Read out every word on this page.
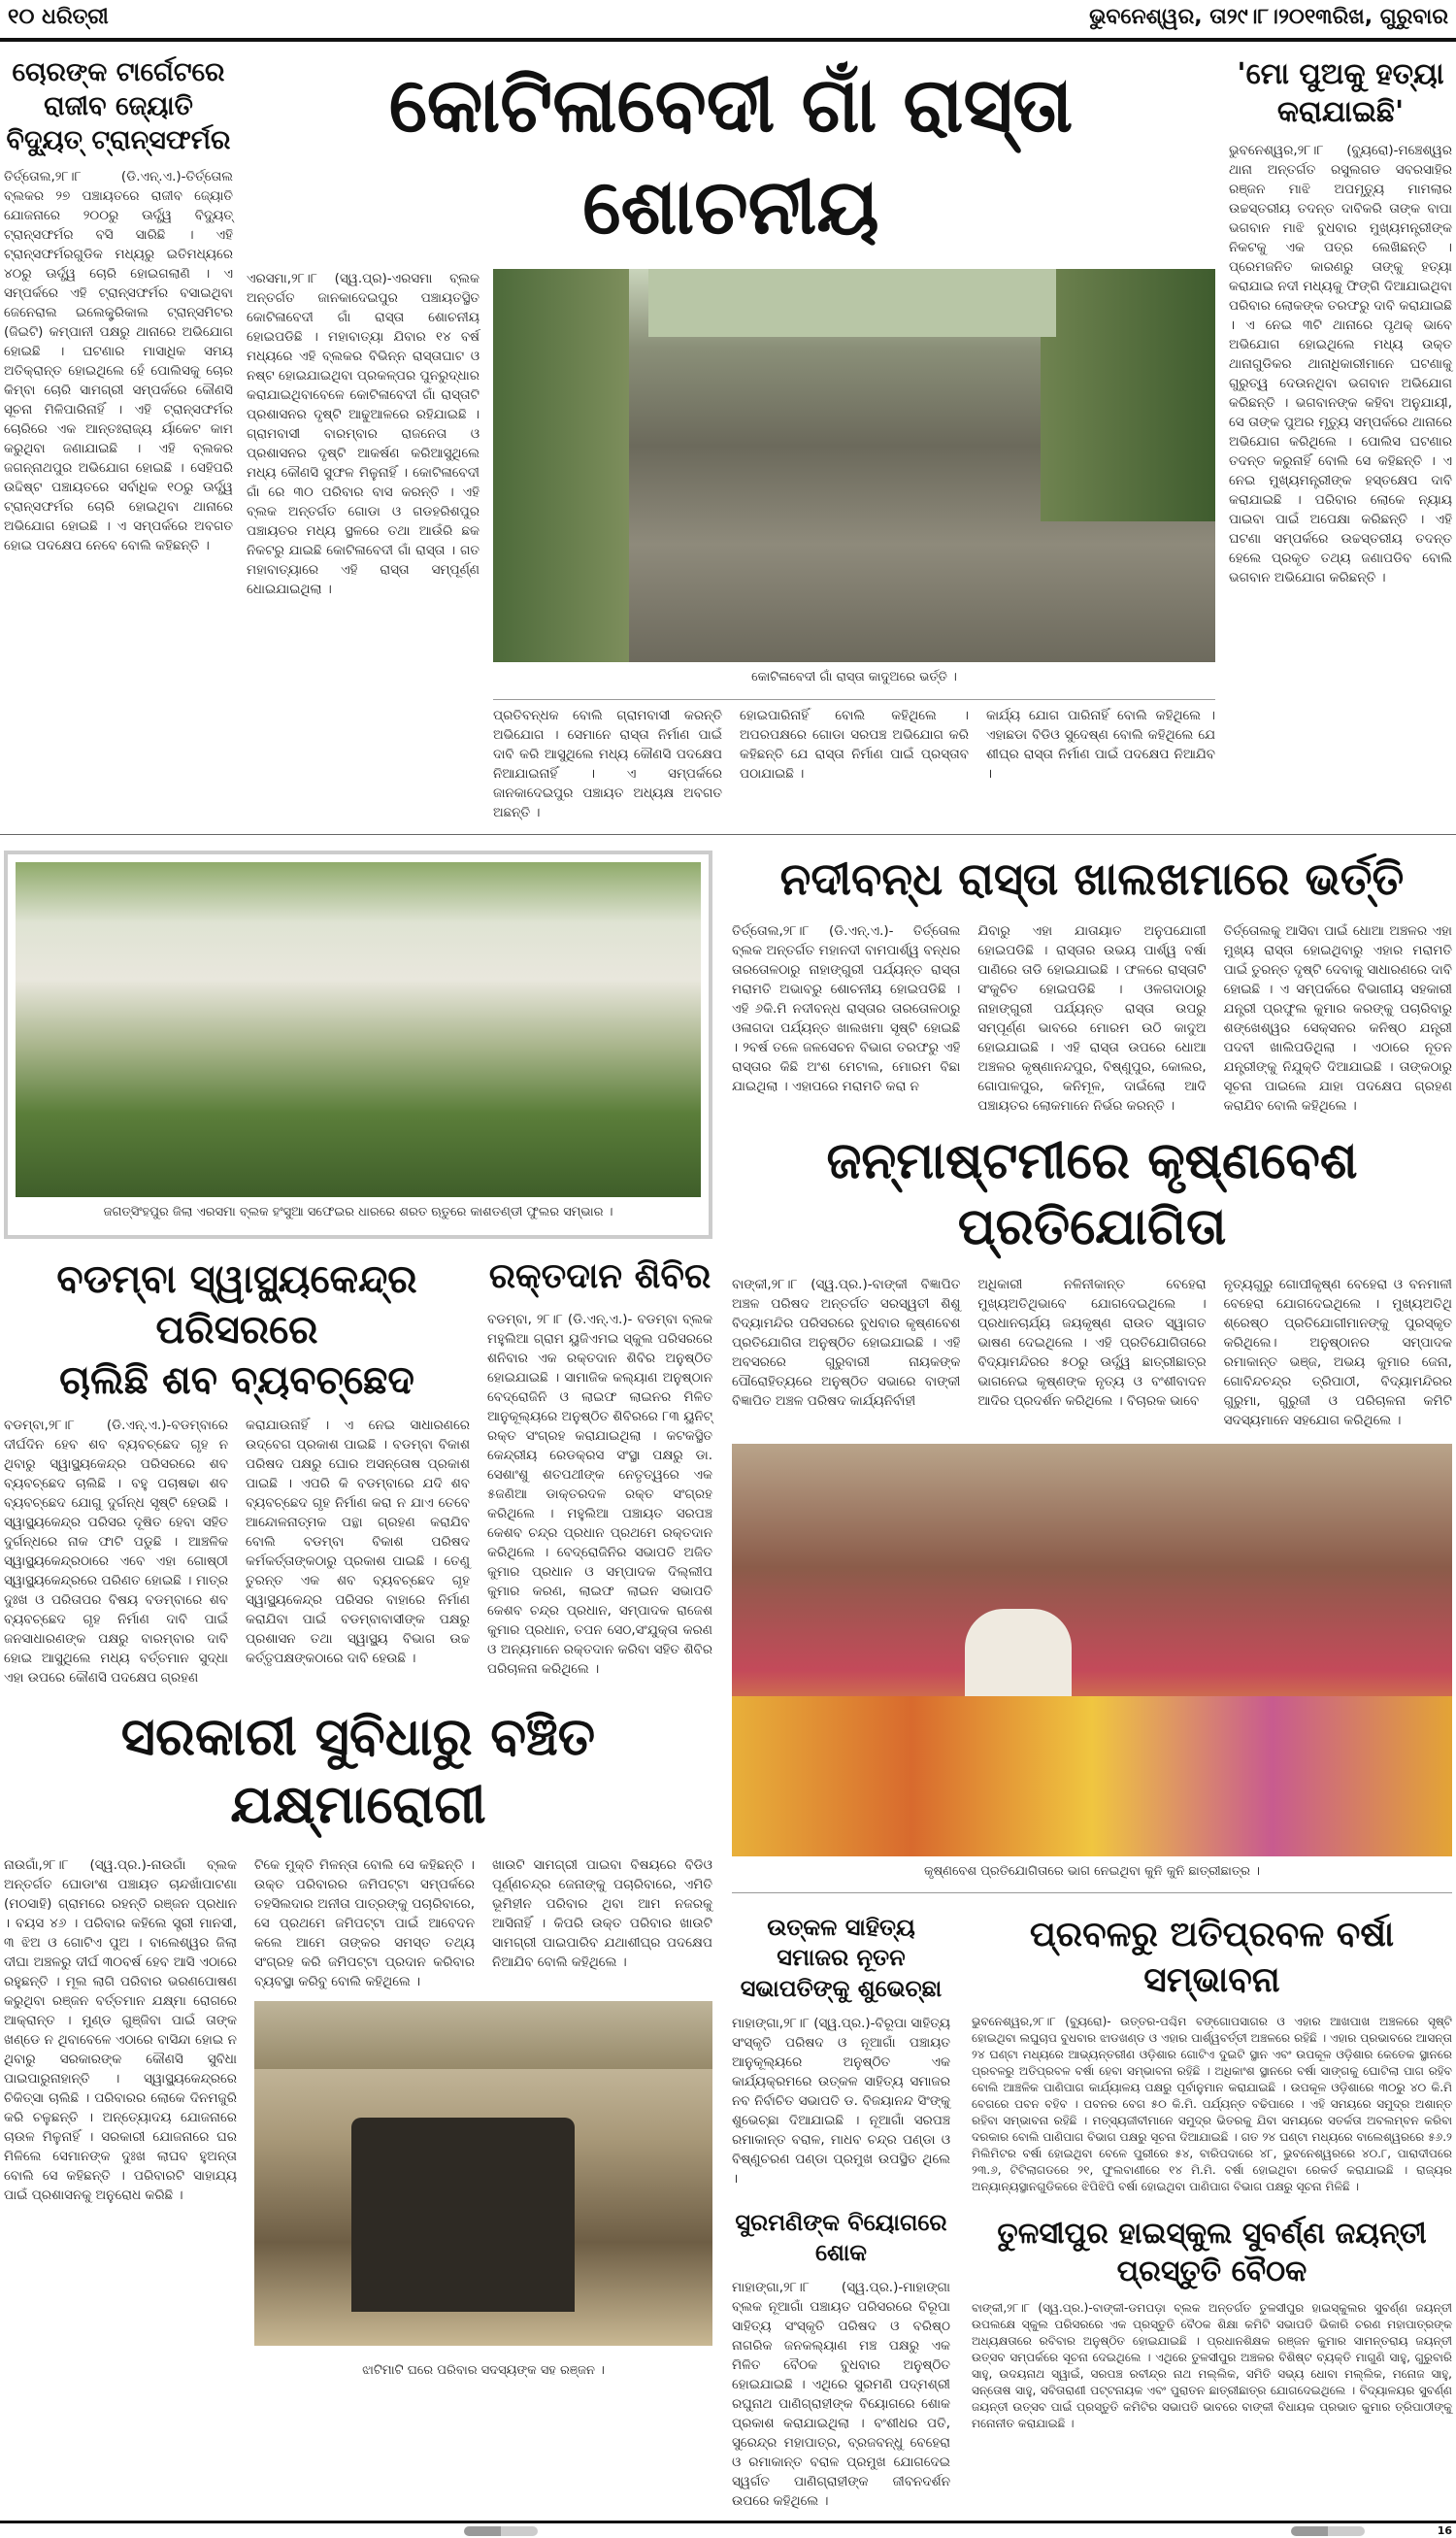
୧୦ ଧରିତ୍ରୀ	ଭୁବନେଶ୍ୱର, ତା୨୯।୮।୨୦୧୩ରିଖ, ଗୁରୁବାର
ଚୋରଙ୍କ ଟାର୍ଗେଟରେ ରାଜୀବ ଜ୍ୟୋତି ବିଦ୍ୟୁତ୍ ଟ୍ରାନ୍ସଫର୍ମର
ତିର୍ତ୍ତୋଲ,୨୮।୮ (ଡି.ଏନ୍.ଏ.)-ତିର୍ତ୍ତୋଲ ବ୍ଲକର ୨୭ ପଞ୍ଚାୟତରେ ରାଜୀବ ଜ୍ୟୋତି ଯୋଜନାରେ ୨୦୦ରୁ ଊର୍ଦ୍ଧ୍ୱ ବିଦ୍ୟୁତ୍ ଟ୍ରାନ୍ସଫର୍ମର ବସି ସାରିଛି । ଏହି ଟ୍ରାନ୍ସଫର୍ମରଗୁଡିକ ମଧ୍ୟରୁ ଇତିମଧ୍ୟରେ ୪୦ରୁ ଊର୍ଦ୍ଧ୍ୱ ଚୋରି ହୋଇଗଲାଣି । ଏ ସମ୍ପର୍କରେ ଏହି ଟ୍ରାନ୍ସଫର୍ମର ବସାଇଥିବା ଜେନେରାଲ ଇଲେକ୍ଟ୍ରିକାଲ ଟ୍ରାନ୍ସମିଟର (ଜିଇଟି) କମ୍ପାନୀ ପକ୍ଷରୁ ଥାନାରେ ଅଭିଯୋଗ ହୋଇଛି । ଘଟଣାର ମାସାଧିକ ସମୟ ଅତିକ୍ରାନ୍ତ ହୋଇଥିଲେ ହେଁ ପୋଲିସକୁ ଚୋର କିମ୍ବା ଚୋରି ସାମଗ୍ରୀ ସମ୍ପର୍କରେ କୌଣସି ସୂଚନା ମିଳିପାରିନାହିଁ । ଏହି ଟ୍ରାନ୍ସଫର୍ମର ଚୋରିରେ ଏକ ଆନ୍ତଃରାଜ୍ୟ ର୍ୟାକେଟ କାମ କରୁଥିବା ଜଣାଯାଇଛି । ଏହି ବ୍ଲକର ଜଗନ୍ନାଥପୁର ଅଭିଯୋଗ ହୋଇଛି । ସେହିପରି ଉଦ୍ଦିଷ୍ଟ ପଞ୍ଚାୟତରେ ସର୍ବାଧିକ ୧୦ରୁ ଊର୍ଦ୍ଧ୍ୱ ଟ୍ରାନ୍ସଫର୍ମର ଚୋରି ହୋଇଥିବା ଥାନାରେ ଅଭିଯୋଗ ହୋଇଛି । ଏ ସମ୍ପର୍କରେ ଅବଗତ ହୋଇ ପଦକ୍ଷେପ ନେବେ ବୋଲି କହିଛନ୍ତି ।
କୋଟିଳାବେଦୀ ଗାଁ ରାସ୍ତା ଶୋଚନୀୟ
ଏରସମା,୨୮।୮ (ସ୍ୱ.ପ୍ର)-ଏରସମା ବ୍ଲକ ଅନ୍ତର୍ଗତ ଜାନକାଦେଇପୁର ପଞ୍ଚାୟତସ୍ଥିତ କୋଟିଳାବେଦୀ ଗାଁ ରାସ୍ତା ଶୋଚନୀୟ ହୋଇପଡିଛି । ମହାବାତ୍ୟା ଯିବାର ୧୪ ବର୍ଷ ମଧ୍ୟରେ ଏହି ବ୍ଲକର ବିଭିନ୍ନ ରାସ୍ତାଘାଟ ଓ ନଷ୍ଟ ହୋଇଯାଇଥିବା ପ୍ରକଳ୍ପର ପୁନରୁଦ୍ଧାର କରାଯାଇଥିବାବେଳେ କୋଟିଳାବେଦୀ ଗାଁ ରାସ୍ତାଟି ପ୍ରଶାସନର ଦୃଷ୍ଟି ଆଢୁଆଳରେ ରହିଯାଇଛି । ଗ୍ରାମବାସୀ ବାରମ୍ବାର ରାଜନେତା ଓ ପ୍ରଶାସନର ଦୃଷ୍ଟି ଆକର୍ଷଣ କରିଆସୁଥିଲେ ମଧ୍ୟ କୌଣସି ସୁଫଳ ମିଳୁନାହିଁ । କୋଟିଳାବେଦୀ ଗାଁ ରେ ୩୦ ପରିବାର ବାସ କରନ୍ତି । ଏହି ବ୍ଲକ ଅନ୍ତର୍ଗତ ଗୋଡା ଓ ଗଡହରିଶପୁର ପଞ୍ଚାୟତର ମଧ୍ୟ ସ୍ଥଳରେ ତଥା ଆଉଁରି ଛକ ନିକଟରୁ ଯାଇଛି କୋଟିଳାବେଦୀ ଗାଁ ରାସ୍ତା । ଗତ ମହାବାତ୍ୟାରେ ଏହି ରାସ୍ତା ସମ୍ପୂର୍ଣ୍ଣ ଧୋଇଯାଇଥିଲା ।
କୋଟିଳାବେଦୀ ଗାଁ ରାସ୍ତା କାଦୁଅରେ ଭର୍ତ୍ତି ।
ପ୍ରତିବନ୍ଧକ ବୋଲି ଗ୍ରାମବାସୀ କରନ୍ତି ଅଭିଯୋଗ । ସେମାନେ ରାସ୍ତା ନିର୍ମାଣ ପାଇଁ ଦାବି କରି ଆସୁଥିଲେ ମଧ୍ୟ କୌଣସି ପଦକ୍ଷେପ ନିଆଯାଇନାହିଁ । ଏ ସମ୍ପର୍କରେ ଜାନକାଦେଇପୁର ପଞ୍ଚାୟତ ଅଧ୍ୟକ୍ଷ ଅବଗତ ଅଛନ୍ତି ।
ହୋଇପାରିନାହିଁ ବୋଲି କହିଥିଲେ । ଅପରପକ୍ଷରେ ଗୋଡା ସରପଞ୍ଚ ଅଭିଯୋଗ କରି କହିଛନ୍ତି ଯେ ରାସ୍ତା ନିର୍ମାଣ ପାଇଁ ପ୍ରସ୍ତାବ ପଠାଯାଇଛି ।
କାର୍ଯ୍ୟ ଯୋଗ ପାରିନାହିଁ ବୋଲି କହିଥିଲେ । ଏହାଛଡା ବିଡିଓ ସୁଦେଷ୍ଣ ବୋଲି କହିଥିଲେ ଯେ ଶୀଘ୍ର ରାସ୍ତା ନିର୍ମାଣ ପାଇଁ ପଦକ୍ଷେପ ନିଆଯିବ ।
'ମୋ ପୁଅକୁ ହତ୍ୟା କରାଯାଇଛି'
ଭୁବନେଶ୍ୱର,୨୮।୮ (ବ୍ୟୁରୋ)-ମଞ୍ଚେଶ୍ୱର ଥାନା ଅନ୍ତର୍ଗତ ରସୁଲଗଡ ସବରସାହିର ରଞ୍ଜନ ମାଝି ଅପମୃତ୍ୟୁ ମାମଲାର ଉଚ୍ଚସ୍ତରୀୟ ତଦନ୍ତ ଦାବିକରି ତାଙ୍କ ବାପା ଭଗବାନ ମାଝି ବୁଧବାର ମୁଖ୍ୟମନ୍ତ୍ରୀଙ୍କ ନିକଟକୁ ଏକ ପତ୍ର ଲେଖିଛନ୍ତି । ପ୍ରେମଜନିତ କାରଣରୁ ତାଙ୍କୁ ହତ୍ୟା କରାଯାଇ ନଦୀ ମଧ୍ୟକୁ ଫିଙ୍ଗି ଦିଆଯାଇଥିବା ପରିବାର ଲୋକଙ୍କ ତରଫରୁ ଦାବି କରାଯାଇଛି । ଏ ନେଇ ୩ଟି ଥାନାରେ ପୃଥକ୍ ଭାବେ ଅଭିଯୋଗ ହୋଇଥିଲେ ମଧ୍ୟ ଉକ୍ତ ଥାନାଗୁଡିକର ଥାନାଧିକାରୀମାନେ ଘଟଣାକୁ ଗୁରୁତ୍ୱ ଦେଉନଥିବା ଭଗବାନ ଅଭିଯୋଗ କରିଛନ୍ତି । ଭଗବାନଙ୍କ କହିବା ଅନୁଯାୟୀ, ସେ ତାଙ୍କ ପୁଅର ମୃତ୍ୟୁ ସମ୍ପର୍କରେ ଥାନାରେ ଅଭିଯୋଗ କରିଥିଲେ । ପୋଲିସ ଘଟଣାର ତଦନ୍ତ କରୁନାହିଁ ବୋଲି ସେ କହିଛନ୍ତି । ଏ ନେଇ ମୁଖ୍ୟମନ୍ତ୍ରୀଙ୍କ ହସ୍ତକ୍ଷେପ ଦାବି କରାଯାଇଛି । ପରିବାର ଲୋକେ ନ୍ୟାୟ ପାଇବା ପାଇଁ ଅପେକ୍ଷା କରିଛନ୍ତି । ଏହି ଘଟଣା ସମ୍ପର୍କରେ ଉଚ୍ଚସ୍ତରୀୟ ତଦନ୍ତ ହେଲେ ପ୍ରକୃତ ତଥ୍ୟ ଜଣାପଡିବ ବୋଲି ଭଗବାନ ଅଭିଯୋଗ କରିଛନ୍ତି ।
ଜଗତ୍‌ସିଂହପୁର ଜିଲା ଏରସମା ବ୍ଲକ ହଂସୁଆ ସଫେଇର ଧାରରେ ଶରତ ଋତୁରେ କାଶତଣ୍ଡୀ ଫୁଲର ସମ୍ଭାର ।
ବଡମ୍ବା ସ୍ୱାସ୍ଥ୍ୟକେନ୍ଦ୍ର ପରିସରରେ
ଚାଲିଛି ଶବ ବ୍ୟବଚ୍ଛେଦ
ବଡମ୍ବା,୨୮।୮ (ଡି.ଏନ୍.ଏ.)-ବଡମ୍ବାରେ ଦୀର୍ଘଦିନ ହେବ ଶବ ବ୍ୟବଚ୍ଛେଦ ଗୃହ ନ ଥିବାରୁ ସ୍ୱାସ୍ଥ୍ୟକେନ୍ଦ୍ର ପରିସରରେ ଶବ ବ୍ୟବଚ୍ଛେଦ ଚାଲିଛି । ବହୁ ପଚାଷଢା ଶବ ବ୍ୟବଚ୍ଛେଦ ଯୋଗୁ ଦୁର୍ଗନ୍ଧ ସୃଷ୍ଟି ହେଉଛି । ସ୍ୱାସ୍ଥ୍ୟକେନ୍ଦ୍ର ପରିସର ଦୂଷିତ ହେବା ସହିତ ଦୁର୍ଗନ୍ଧରେ ନାକ ଫାଟି ପଡୁଛି । ଆଞ୍ଚଳିକ ସ୍ୱାସ୍ଥ୍ୟକେନ୍ଦ୍ରଠାରେ ଏବେ ଏହା ଗୋଷ୍ଠୀ ସ୍ୱାସ୍ଥ୍ୟକେନ୍ଦ୍ରରେ ପରିଣତ ହୋଇଛି । ମାତ୍ର ଦୁଃଖ ଓ ପରିତାପର ବିଷୟ ବଡମ୍ବାରେ ଶବ ବ୍ୟବଚ୍ଛେଦ ଗୃହ ନିର୍ମାଣ ଦାବି ପାଇଁ ଜନସାଧାରଣଙ୍କ ପକ୍ଷରୁ ବାରମ୍ବାର ଦାବି ହୋଇ ଆସୁଥିଲେ ମଧ୍ୟ ବର୍ତ୍ତମାନ ସୁଦ୍ଧା ଏହା ଉପରେ କୌଣସି ପଦକ୍ଷେପ ଗ୍ରହଣ
କରାଯାଉନାହିଁ । ଏ ନେଇ ସାଧାରଣରେ ଉଦ୍‌ବେଗ ପ୍ରକାଶ ପାଇଛି । ବଡମ୍ବା ବିକାଶ ପରିଷଦ ପକ୍ଷରୁ ଘୋର ଅସନ୍ତୋଷ ପ୍ରକାଶ ପାଇଛି । ଏପରି କି ବଡମ୍ବାରେ ଯଦି ଶବ ବ୍ୟବଚ୍ଛେଦ ଗୃହ ନିର୍ମାଣ କରା ନ ଯାଏ ତେବେ ଆନ୍ଦୋଳନାତ୍ମକ ପନ୍ଥା ଗ୍ରହଣ କରାଯିବ ବୋଲି ବଡମ୍ବା ବିକାଶ ପରିଷଦ କର୍ମକର୍ତ୍ତାଙ୍କଠାରୁ ପ୍ରକାଶ ପାଇଛି । ତେଣୁ ତୁରନ୍ତ ଏକ ଶବ ବ୍ୟବଚ୍ଛେଦ ଗୃହ ସ୍ୱାସ୍ଥ୍ୟକେନ୍ଦ୍ର ପରିସର ବାହାରେ ନିର୍ମାଣ କରାଯିବା ପାଇଁ ବଡମ୍ବାବାସୀଙ୍କ ପକ୍ଷରୁ ପ୍ରଶାସନ ତଥା ସ୍ୱାସ୍ଥ୍ୟ ବିଭାଗ ଉଚ୍ଚ କର୍ତ୍ତୃପକ୍ଷଙ୍କଠାରେ ଦାବି ହେଉଛି ।
ରକ୍ତଦାନ ଶିବିର
ବଡମ୍ବା, ୨୮।୮ (ଡି.ଏନ୍.ଏ.)- ବଡମ୍ବା ବ୍ଲକ ମହୁଲିଆ ଗ୍ରାମ ୟୁଜିଏମଇ ସ୍କୁଲ ପରିସରରେ ଶନିବାର ଏକ ରକ୍ତଦାନ ଶିବିର ଅନୁଷ୍ଠିତ ହୋଇଯାଇଛି । ସାମାଜିକ କଲ୍ୟାଣ ଅନୁଷ୍ଠାନ ବେଦ୍ରୋଜିନି ଓ ଲାଇଫ ଲାଇନର ମିଳିତ ଆନୁକୂଲ୍ୟରେ ଅନୁଷ୍ଠିତ ଶିବିରରେ ୮୩ ୟୁନିଟ୍ ରକ୍ତ ସଂଗ୍ରହ କରାଯାଇଥିଲା । କଟକସ୍ଥିତ କେନ୍ଦ୍ରୀୟ ରେଡକ୍ରସ ସଂସ୍ଥା ପକ୍ଷରୁ ଡା. ସେଶାଂଶୁ ଶତପଥୀଙ୍କ ନେତୃତ୍ୱରେ ଏକ ୫ଜଣିଆ ଡାକ୍ତରଦଳ ରକ୍ତ ସଂଗ୍ରହ କରିଥିଲେ । ମହୁଲିଆ ପଞ୍ଚାୟତ ସରପଞ୍ଚ କେଶବ ଚନ୍ଦ୍ର ପ୍ରଧାନ ପ୍ରଥମେ ରକ୍ତଦାନ କରିଥିଲେ । ବେଦ୍ରୋଜିନିର ସଭାପତି ଅଜିତ କୁମାର ପ୍ରଧାନ ଓ ସମ୍ପାଦକ ଦିଲ୍ଲୀପ କୁମାର କରଣ, ଲାଇଫ ଲାଇନ ସଭାପତି କେଶବ ଚନ୍ଦ୍ର ପ୍ରଧାନ, ସମ୍ପାଦକ ରାଜେଶ କୁମାର ପ୍ରଧାନ, ତପନ ସେଠ,ସଂଯୁକ୍ତା କରଣ ଓ ଅନ୍ୟମାନେ ରକ୍ତଦାନ କରିବା ସହିତ ଶିବିର ପରିଚାଳନା କରିଥିଲେ ।
ସରକାରୀ ସୁବିଧାରୁ ବଞ୍ଚିତ ଯକ୍ଷ୍ମାରୋଗୀ
ନାଉଗାଁ,୨୮।୮ (ସ୍ୱ.ପ୍ର.)-ନାଉଗାଁ ବ୍ଲକ ଅନ୍ତର୍ଗତ ଘୋଡାଂଶ ପଞ୍ଚାୟତ ଚାନ୍ଦଖାଁପାଟଣା (ମଠସାହି) ଗ୍ରାମରେ ରହନ୍ତି ରଞ୍ଜନ ପ୍ରଧାନ । ବୟସ ୪୬ । ପରିବାର କହିଲେ ସ୍ତ୍ରୀ ମାନସୀ, ୩ ଝିଅ ଓ ଗୋଟିଏ ପୁଅ । ବାଲେଶ୍ୱର ଜିଲା ଦୀଘା ଅଞ୍ଚଳରୁ ଦୀର୍ଘ ୩୦ବର୍ଷ ହେବ ଆସି ଏଠାରେ ରହୁଛନ୍ତି । ମୂଲ ଲାଗି ପରିବାର ଭରଣପୋଷଣ କରୁଥିବା ରଞ୍ଜନ ବର୍ତ୍ତମାନ ଯକ୍ଷ୍ମା ରୋଗରେ ଆକ୍ରାନ୍ତ । ମୁଣ୍ଡ ଗୁଞ୍ଜିବା ପାଇଁ ତାଙ୍କ ଖଣ୍ଡେ ନ ଥିବାବେଳେ ଏଠାରେ ବାସିନ୍ଦା ହୋଇ ନ ଥିବାରୁ ସରକାରଙ୍କ କୌଣସି ସୁବିଧା ପାଇପାରୁନାହାନ୍ତି । ସ୍ୱାସ୍ଥ୍ୟକେନ୍ଦ୍ରରେ ଚିକିତ୍ସା ଚାଲିଛି । ପରିବାରର ଲୋକେ ଦିନମଜୁରି କରି ଚଳୁଛନ୍ତି । ଅନ୍ତ୍ୟୋଦୟ ଯୋଜନାରେ ଚାଉଳ ମିଳୁନାହିଁ । ସରକାରୀ ଯୋଜନାରେ ଘର ମିଳିଲେ ସେମାନଙ୍କ ଦୁଃଖ ଲାଘବ ହୁଅନ୍ତା ବୋଲି ସେ କହିଛନ୍ତି । ପରିବାରଟି ସାହାଯ୍ୟ ପାଇଁ ପ୍ରଶାସନକୁ ଅନୁରୋଧ କରିଛି ।
ଟିକେ ମୁକ୍ତି ମିଳନ୍ତା ବୋଲି ସେ କହିଛନ୍ତି । ଉକ୍ତ ପରିବାରର ଜମିପଟ୍ଟା ସମ୍ପର୍କରେ ତହସିଲଦାର ଅନୀତା ପାତ୍ରଙ୍କୁ ପଚାରିବାରେ, ସେ ପ୍ରଥମେ ଜମିପଟ୍ଟା ପାଇଁ ଆବେଦନ କଲେ ଆମେ ତାଙ୍କର ସମସ୍ତ ତଥ୍ୟ ସଂଗ୍ରହ କରି ଜମିପଟ୍ଟା ପ୍ରଦାନ କରିବାର ବ୍ୟବସ୍ଥା କରିବୁ ବୋଲି କହିଥିଲେ ।
ଖାଉଟି ସାମଗ୍ରୀ ପାଇବା ବିଷୟରେ ବିଡିଓ ପୂର୍ଣ୍ଣଚନ୍ଦ୍ର ଜେନାଙ୍କୁ ପଚାରିବାରେ, ଏମିତି ଭୂମିହୀନ ପରିବାର ଥିବା ଆମ ନଜରକୁ ଆସିନାହିଁ । କିପରି ଉକ୍ତ ପରିବାର ଖାଉଟି ସାମଗ୍ରୀ ପାଇପାରିବ ଯଥାଶୀଘ୍ର ପଦକ୍ଷେପ ନିଆଯିବ ବୋଲି କହିଥିଲେ ।
ଝାଟିମାଟି ଘରେ ପରିବାର ସଦସ୍ୟଙ୍କ ସହ ରଞ୍ଜନ ।
ନଦୀବନ୍ଧ ରାସ୍ତା ଖାଲଖମାରେ ଭର୍ତ୍ତି
ତିର୍ତ୍ତୋଲ,୨୮।୮ (ଡି.ଏନ୍.ଏ.)- ତିର୍ତ୍ତୋଲ ବ୍ଲକ ଅନ୍ତର୍ଗତ ମହାନଦୀ ବାମପାର୍ଶ୍ୱ ବନ୍ଧର ତାରତୋଳଠାରୁ ନାହାଙ୍ଗୁରୀ ପର୍ଯ୍ୟନ୍ତ ରାସ୍ତା ମରାମତି ଅଭାବରୁ ଶୋଚନୀୟ ହୋଇପଡିଛି । ଏହି ୬କି.ମି ନଦୀବନ୍ଧ ରାସ୍ତାର ତାରତୋଳଠାରୁ ଓଳାଗଦା ପର୍ଯ୍ୟନ୍ତ ଖାଲଖମା ସୃଷ୍ଟି ହୋଇଛି । ୨ବର୍ଷ ତଳେ ଜଳସେଚନ ବିଭାଗ ତରଫରୁ ଏହି ରାସ୍ତାର କିଛି ଅଂଶ ମେଟାଲ, ମୋରମ ବିଛା ଯାଇଥିଲା । ଏହାପରେ ମରାମତି କରା ନ
ଯିବାରୁ ଏହା ଯାତାୟାତ ଅନୁପଯୋଗୀ ହୋଇପଡିଛି । ରାସ୍ତାର ଉଭୟ ପାର୍ଶ୍ୱ ବର୍ଷା ପାଣିରେ ତାଡି ହୋଇଯାଇଛି । ଫଳରେ ରାସ୍ତାଟି ସଂକୁଚିତ ହୋଇପଡିଛି । ଓଳଗଦାଠାରୁ ନାହାଙ୍ଗୁରୀ ପର୍ଯ୍ୟନ୍ତ ରାସ୍ତା ଉପରୁ ସମ୍ପୂର୍ଣ୍ଣ ଭାବରେ ମୋରମ ଉଠି କାଦୁଅ ହୋଇଯାଇଛି । ଏହି ରାସ୍ତା ଉପରେ ଧୋଆ ଅଞ୍ଚଳର କୃଷ୍ଣାନନ୍ଦପୁର, ବିଷ୍ଣୁପୁର, କୋଲର, ଗୋପାଳପୁର, କନିମୂଳ, ଦାଇଁଲୋ ଆଦି ପଞ୍ଚାୟତର ଲୋକମାନେ ନିର୍ଭର କରନ୍ତି ।
ତିର୍ତ୍ତୋଲକୁ ଆସିବା ପାଇଁ ଧୋଆ ଅଞ୍ଚଳର ଏହା ମୁଖ୍ୟ ରାସ୍ତା ହୋଇଥିବାରୁ ଏହାର ମରାମତି ପାଇଁ ତୁରନ୍ତ ଦୃଷ୍ଟି ଦେବାକୁ ସାଧାରଣରେ ଦାବି ହୋଇଛି । ଏ ସମ୍ପର୍କରେ ବିଭାଗୀୟ ସହକାରୀ ଯନ୍ତ୍ରୀ ପ୍ରଫୁଲ କୁମାର କରଙ୍କୁ ପଚାରିବାରୁ ଶଙ୍ଖେଶ୍ୱର ସେକ୍ସନର କନିଷ୍ଠ ଯନ୍ତ୍ରୀ ପଦବୀ ଖାଲିପଡିଥିଲା । ଏଠାରେ ନୂତନ ଯନ୍ତ୍ରୀଙ୍କୁ ନିଯୁକ୍ତି ଦିଆଯାଇଛି । ତାଙ୍କଠାରୁ ସୂଚନା ପାଇଲେ ଯାହା ପଦକ୍ଷେପ ଗ୍ରହଣ କରାଯିବ ବୋଲି କହିଥିଲେ ।
ଜନ୍ମାଷ୍ଟମୀରେ କୃଷ୍ଣବେଶ ପ୍ରତିଯୋଗିତା
ବାଙ୍କୀ,୨୮।୮ (ସ୍ୱ.ପ୍ର.)-ବାଙ୍କୀ ବିଜ୍ଞାପିତ ଅଞ୍ଚଳ ପରିଷଦ ଅନ୍ତର୍ଗତ ସରସ୍ୱତୀ ଶିଶୁ ବିଦ୍ୟାମନ୍ଦିର ପରିସରରେ ବୁଧବାର କୃଷ୍ଣବେଶ ପ୍ରତିଯୋଗିତା ଅନୁଷ୍ଠିତ ହୋଇଯାଇଛି । ଏହି ଅବସରରେ ଗୁରୁବାରୀ ନାୟକଙ୍କ ପୌରୋହିତ୍ୟରେ ଅନୁଷ୍ଠିତ ସଭାରେ ବାଙ୍କୀ ବିଜ୍ଞାପିତ ଅଞ୍ଚଳ ପରିଷଦ କାର୍ଯ୍ୟନିର୍ବାହୀ
ଅଧିକାରୀ ନଳିନୀକାନ୍ତ ବେହେରା ମୁଖ୍ୟଅତିଥିଭାବେ ଯୋଗଦେଇଥିଲେ । ପ୍ରଧାନଚାର୍ଯ୍ୟ ଜୟକୃଷ୍ଣ ରାଉତ ସ୍ୱାଗତ ଭାଷଣ ଦେଇଥିଲେ । ଏହି ପ୍ରତିଯୋଗିତାରେ ବିଦ୍ୟାମନ୍ଦିରର ୫୦ରୁ ଊର୍ଦ୍ଧ୍ୱ ଛାତ୍ରୀଛାତ୍ର ଭାଗନେଇ କୃଷ୍ଣଙ୍କ ନୃତ୍ୟ ଓ ବଂଶୀବାଦନ ଆଦିର ପ୍ରଦର୍ଶନ କରିଥିଲେ । ବିଚାରକ ଭାବେ
ନୃତ୍ୟଗୁରୁ ଗୋପୀକୃଷ୍ଣ ବେହେରା ଓ ବନମାଳୀ ବେହେରା ଯୋଗଦେଇଥିଲେ । ମୁଖ୍ୟଅତିଥି ଶ୍ରେଷ୍ଠ ପ୍ରତିଯୋଗୀମାନଙ୍କୁ ପୁରସ୍କୃତ କରିଥିଲେ। ଅନୁଷ୍ଠାନର ସମ୍ପାଦକ ରମାକାନ୍ତ ଭଞ୍ଜ, ଅଭୟ କୁମାର ଜେନା, ଗୋବିନ୍ଦଚନ୍ଦ୍ର ତ୍ରିପାଠୀ, ବିଦ୍ୟାମନ୍ଦିରର ଗୁରୁମା, ଗୁରୁଜୀ ଓ ପରିଚାଳନା କମିଟି ସଦସ୍ୟମାନେ ସହଯୋଗ କରିଥିଲେ ।
କୃଷ୍ଣବେଶ ପ୍ରତିଯୋଗିତାରେ ଭାଗ ନେଇଥିବା କୁନି କୁନି ଛାତ୍ରୀଛାତ୍ର ।
ଉତ୍କଳ ସାହିତ୍ୟ ସମାଜର ନୂତନ ସଭାପତିଙ୍କୁ ଶୁଭେଚ୍ଛା
ମାହାଙ୍ଗା,୨୮।୮ (ସ୍ୱ.ପ୍ର.)-ବିରୂପା ସାହିତ୍ୟ ସଂସ୍କୃତି ପରିଷଦ ଓ ନୂଆଗାଁ ପଞ୍ଚାୟତ ଆନୁକୂଲ୍ୟରେ ଅନୁଷ୍ଠିତ ଏକ କାର୍ଯ୍ୟକ୍ରମରେ ଉତ୍କଳ ସାହିତ୍ୟ ସମାଜର ନବ ନିର୍ବାଚିତ ସଭାପତି ଡ. ବିଜୟାନନ୍ଦ ସିଂଙ୍କୁ ଶୁଭେଚ୍ଛା ଦିଆଯାଇଛି । ନୂଆଗାଁ ସରପଞ୍ଚ ରମାକାନ୍ତ ବରାଳ, ମାଧବ ଚନ୍ଦ୍ର ପଣ୍ଡା ଓ ବିଷ୍ଣୁଚରଣ ପଣ୍ଡା ପ୍ରମୁଖ ଉପସ୍ଥିତ ଥିଲେ ।
ସୁରମଣିଙ୍କ ବିୟୋଗରେ ଶୋକ
ମାହାଙ୍ଗା,୨୮।୮ (ସ୍ୱ.ପ୍ର.)-ମାହାଙ୍ଗା ବ୍ଲକ ନୂଆଗାଁ ପଞ୍ଚାୟତ ପରିସରରେ ବିରୂପା ସାହିତ୍ୟ ସଂସ୍କୃତି ପରିଷଦ ଓ ବରିଷ୍ଠ ନାଗରିକ ଜନକଲ୍ୟାଣ ମଞ୍ଚ ପକ୍ଷରୁ ଏକ ମିଳିତ ବୈଠକ ବୁଧବାର ଅନୁଷ୍ଠିତ ହୋଇଯାଇଛି । ଏଥିରେ ସୁରମଣି ପଦ୍ମଶ୍ରୀ ରଘୁନାଥ ପାଣିଗ୍ରାହୀଙ୍କ ବିୟୋଗରେ ଶୋକ ପ୍ରକାଶ କରାଯାଇଥିଲା । ବଂଶୀଧର ପତି, ସୁରେନ୍ଦ୍ର ମହାପାତ୍ର, ବ୍ରଜବନ୍ଧୁ ବେହେରା ଓ ରମାକାନ୍ତ ବରାଳ ପ୍ରମୁଖ ଯୋଗଦେଇ ସ୍ୱର୍ଗତ ପାଣିଗ୍ରାହୀଙ୍କ ଜୀବନଦର୍ଶନ ଉପରେ କହିଥିଲେ ।
ପ୍ରବଳରୁ ଅତିପ୍ରବଳ ବର୍ଷା ସମ୍ଭାବନା
ଭୁବନେଶ୍ୱର,୨୮।୮ (ବ୍ୟୁରୋ)- ଉତ୍ତର-ପଶ୍ଚିମ ବଙ୍ଗୋପସାଗର ଓ ଏହାର ଆଖପାଖ ଅଞ୍ଚଳରେ ସୃଷ୍ଟି ହୋଇଥିବା ଲଘୁଚାପ ବୁଧବାର ଝାଡଖଣ୍ଡ ଓ ଏହାର ପାର୍ଶ୍ୱବର୍ତ୍ତୀ ଅଞ୍ଚଳରେ ରହିଛି । ଏହାର ପ୍ରଭାବରେ ଆସନ୍ତା ୨୪ ଘଣ୍ଟା ମଧ୍ୟରେ ଆଭ୍ୟନ୍ତରୀଣ ଓଡ଼ିଶାର ଗୋଟିଏ ଦୁଇଟି ସ୍ଥାନ ଏବଂ ଉପକୂଳ ଓଡ଼ିଶାର କେତେକ ସ୍ଥାନରେ ପ୍ରବଳରୁ ଅତିପ୍ରବଳ ବର୍ଷା ହେବା ସମ୍ଭାବନା ରହିଛି । ଅଧିକାଂଶ ସ୍ଥାନରେ ବର୍ଷା ସାଙ୍ଗକୁ ଘୋଟିଲା ପାଗ ରହିବ ବୋଲି ଆଞ୍ଚଳିକ ପାଣିପାଗ କାର୍ଯ୍ୟାଳୟ ପକ୍ଷରୁ ପୂର୍ବାନୁମାନ କରାଯାଇଛି । ଉପକୂଳ ଓଡ଼ିଶାରେ ୩୦ରୁ ୪୦ କି.ମି ବେଗରେ ପବନ ବହିବ । ପବନର ବେଗ ୫୦ କି.ମି. ପର୍ଯ୍ୟନ୍ତ ବଢିପାରେ । ଏହି ସମୟରେ ସମୁଦ୍ର ଅଶାନ୍ତ ରହିବା ସମ୍ଭାବନା ରହିଛି । ମତ୍ସ୍ୟଜୀବୀମାନେ ସମୁଦ୍ର ଭିତରକୁ ଯିବା ସମୟରେ ସତର୍କତା ଅବଲମ୍ବନ କରିବା ଦରକାର ବୋଲି ପାଣିପାଗ ବିଭାଗ ପକ୍ଷରୁ ସୂଚନା ଦିଆଯାଇଛି । ଗତ ୨୪ ଘଣ୍ଟା ମଧ୍ୟରେ ବାଲେଶ୍ୱରରେ ୫୬.୨ ମିଲିମିଟର ବର୍ଷା ହୋଇଥିବା ବେଳେ ପୁରୀରେ ୫୪, ବାରିପଦାରେ ୪୮, ଭୁବନେଶ୍ୱରରେ ୪୦.୮, ପାରାଦୀପରେ ୨୩.୬, ଟିଟିଲାଗଡରେ ୨୧, ଫୁଲବାଣୀରେ ୧୪ ମି.ମି. ବର୍ଷା ହୋଇଥିବା ରେକର୍ଡ କରାଯାଇଛି । ରାଜ୍ୟର ଅନ୍ୟାନ୍ୟସ୍ଥାନଗୁଡିକରେ ଝିପିଝିପି ବର୍ଷା ହୋଇଥିବା ପାଣିପାଗ ବିଭାଗ ପକ୍ଷରୁ ସୂଚନା ମିଳିଛି ।
ତୁଳସୀପୁର ହାଇସ୍କୁଲ ସୁବର୍ଣ୍ଣ ଜୟନ୍ତୀ ପ୍ରସ୍ତୁତି ବୈଠକ
ବାଙ୍କୀ,୨୮।୮ (ସ୍ୱ.ପ୍ର.)-ବାଙ୍କୀ-ଡମପଡ଼ା ବ୍ଲକ ଅନ୍ତର୍ଗତ ତୁଳସୀପୁର ହାଇସ୍କୁଲର ସୁବର୍ଣ୍ଣ ଜୟନ୍ତୀ ଉପଲକ୍ଷେ ସ୍କୁଲ ପରିସରରେ ଏକ ପ୍ରସ୍ତୁତି ବୈଠକ ଶିକ୍ଷା କମିଟି ସଭାପତି ଭିକାରି ଚରଣ ମହାପାତ୍ରଙ୍କ ଅଧ୍ୟକ୍ଷତାରେ ରବିବାର ଅନୁଷ୍ଠିତ ହୋଇଯାଇଛି । ପ୍ରଧାନଶିକ୍ଷକ ରଞ୍ଜନ କୁମାର ସାମନ୍ତରାୟ ଜୟନ୍ତୀ ଉତ୍ସବ ସମ୍ପର୍କରେ ସୂଚନା ଦେଇଥିଲେ । ଏଥିରେ ତୁଳସୀପୁର ଅଞ୍ଚଳର ବିଶିଷ୍ଟ ବ୍ୟକ୍ତି ମାଗୁଣି ସାହୁ, ଗୁରୁବାରି ସାହୁ, ଉଦୟନାଥ ସ୍ୱାଇଁ, ସରପଞ୍ଚ ରବୀନ୍ଦ୍ର ନାଥ ମଲ୍ଲିକ, ସମିତି ସଭ୍ୟ ଧୋବା ମଲ୍ଲିକ, ମନୋଜ ସାହୁ, ସନ୍ତୋଷ ସାହୁ, ସବିତାରାଣୀ ପଟ୍ଟନାୟକ ଏବଂ ପୁରାତନ ଛାତ୍ରୀଛାତ୍ର ଯୋଗଦେଇଥିଲେ । ବିଦ୍ୟାଳୟର ସୁବର୍ଣ୍ଣ ଜୟନ୍ତୀ ଉତ୍ସବ ପାଇଁ ପ୍ରସ୍ତୁତି କମିଟିର ସଭାପତି ଭାବରେ ବାଙ୍କୀ ବିଧାୟକ ପ୍ରଭାତ କୁମାର ତ୍ରିପାଠୀଙ୍କୁ ମନୋନୀତ କରାଯାଇଛି ।
16
